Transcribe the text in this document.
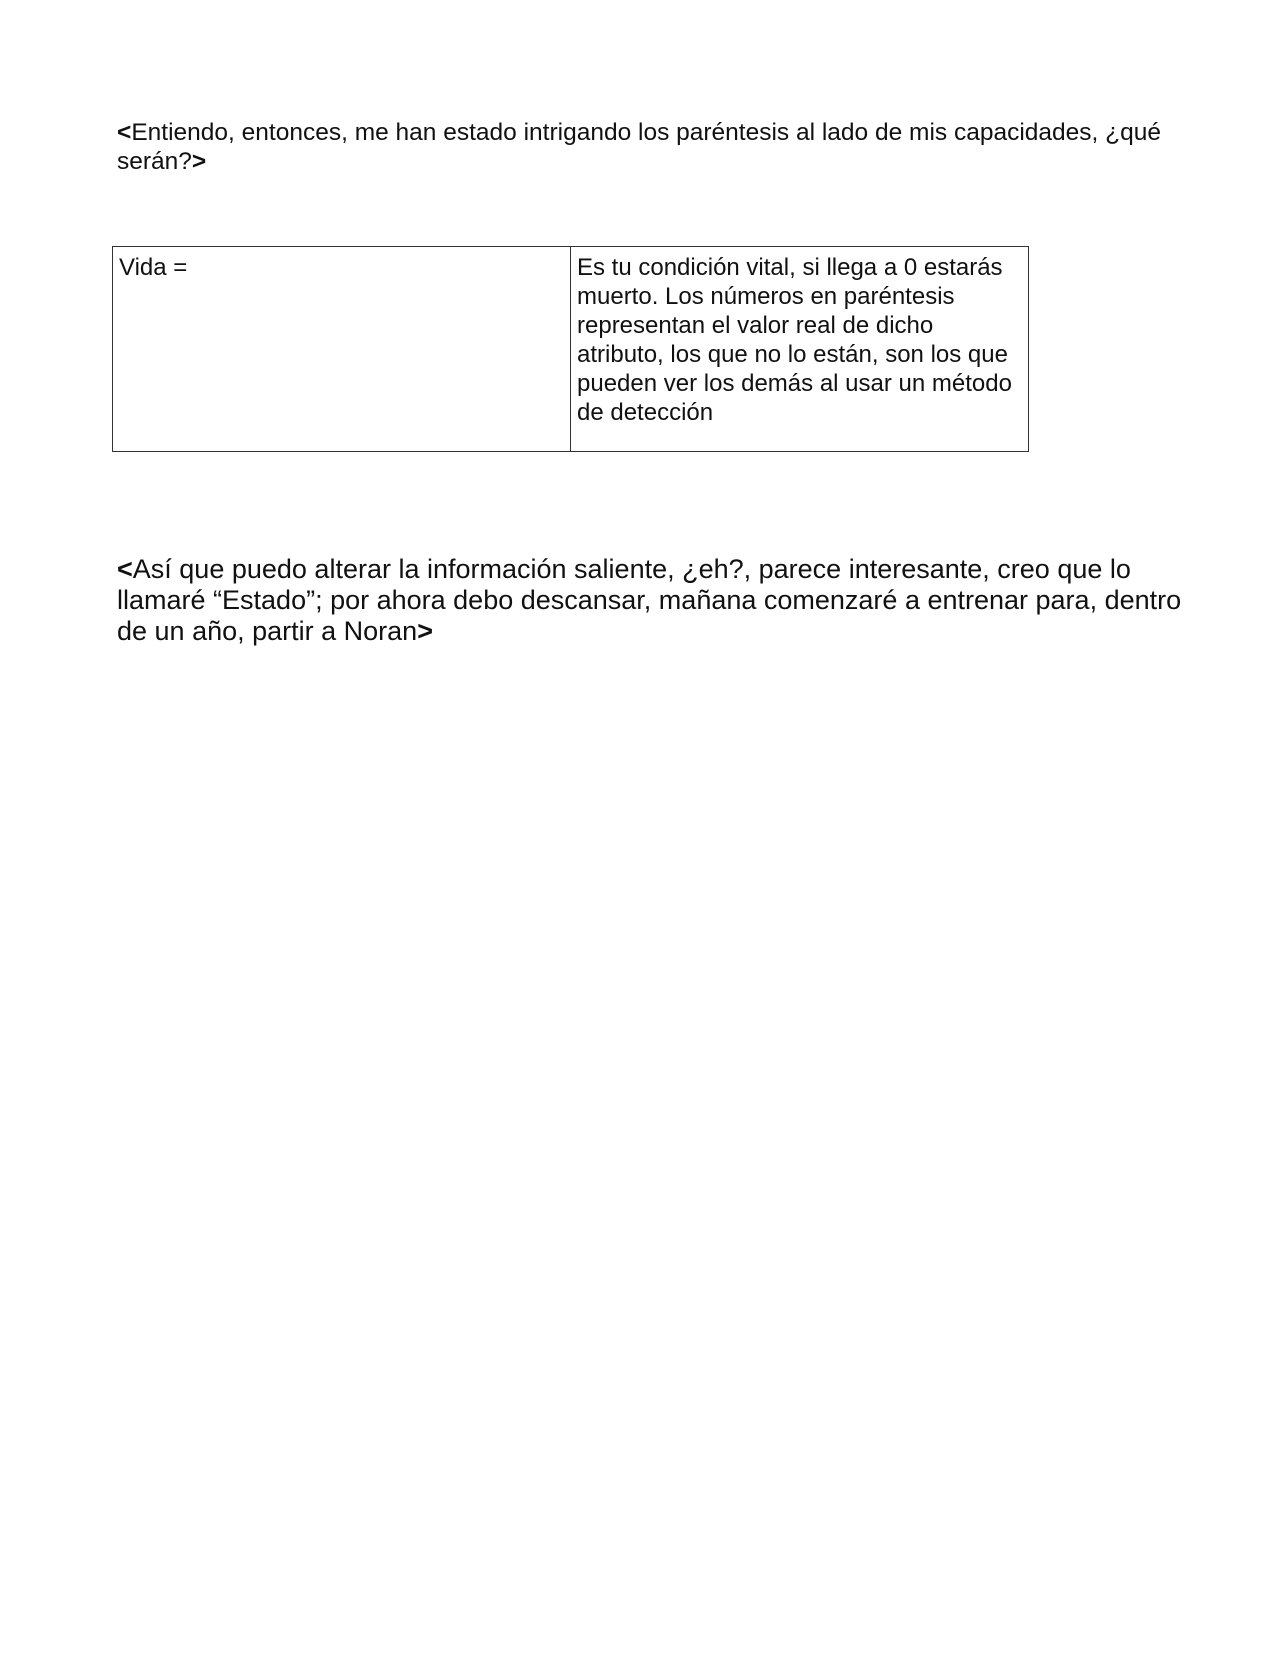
<Entiendo, entonces, me han estado intrigando los paréntesis al lado de mis capacidades, ¿qué serán?>

Vida =	Es tu condición vital, si llega a 0 estarás muerto. Los números en paréntesis representan el valor real de dicho atributo, los que no lo están, son los que pueden ver los demás al usar un método de detección

<Así que puedo alterar la información saliente, ¿eh?, parece interesante, creo que lo llamaré “Estado”; por ahora debo descansar, mañana comenzaré a entrenar para, dentro de un año, partir a Noran>
